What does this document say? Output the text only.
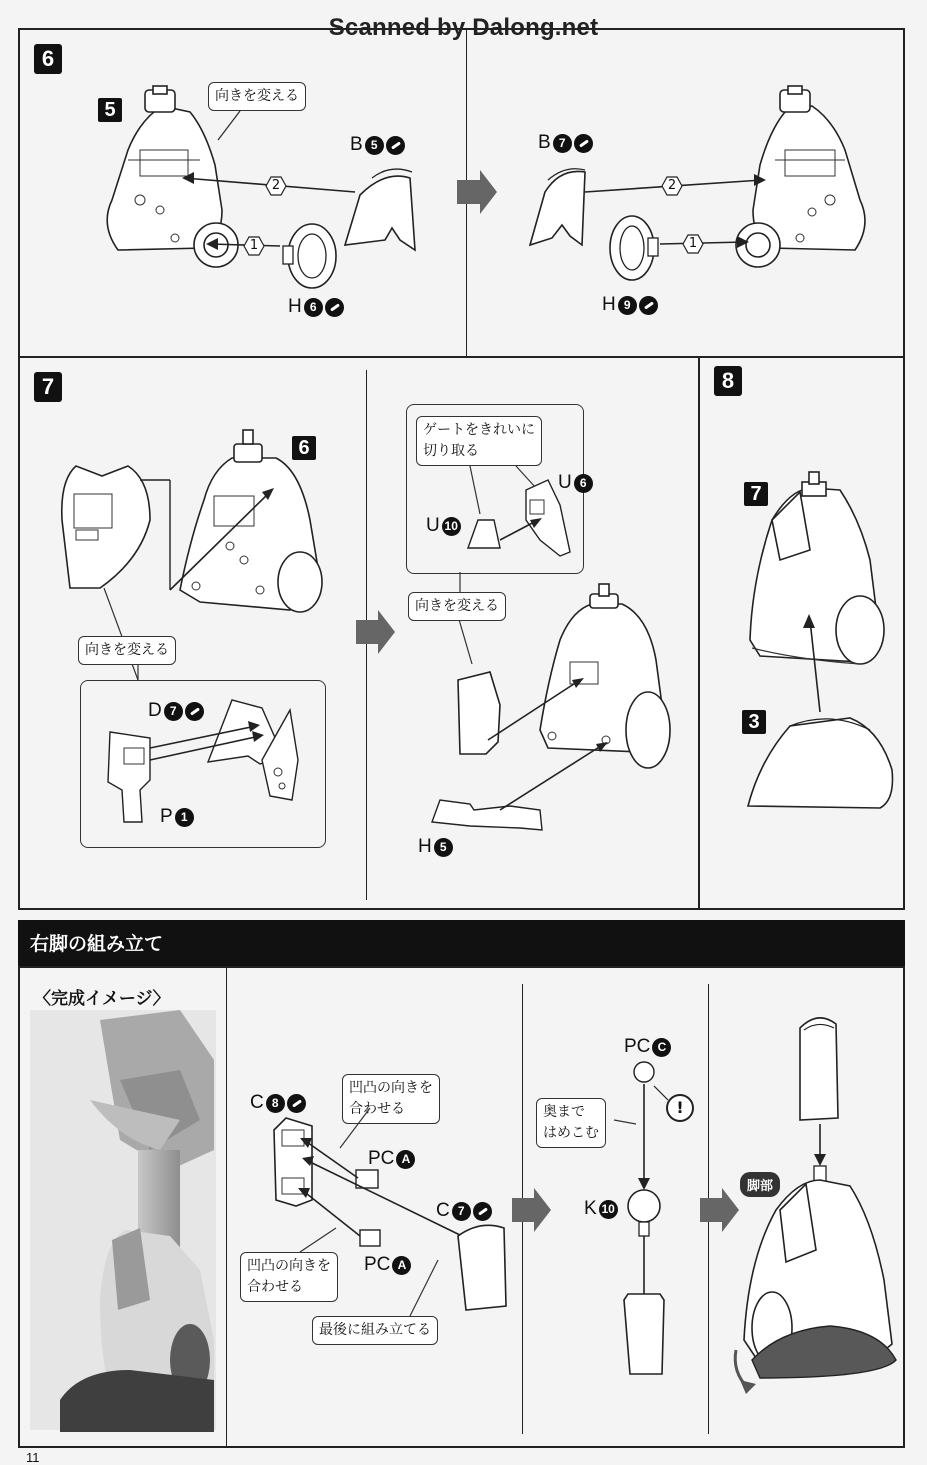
Scanned by Dalong.net
6
5
向きを変える
2
1
B 5
H 6
2
1
B 7
H 9
7
6
向きを変える
D 7
P 1
ゲートをきれいに
切り取る
U 6
U 10
向きを変える
H 5
8
7
3
右脚の組み立て
〈完成イメージ〉
C 8
凹凸の向きを
合わせる
PC A
C 7
凹凸の向きを
合わせる
PC A
最後に組み立てる
PC C
!
奥まで
はめこむ
K 10
脚部
11
